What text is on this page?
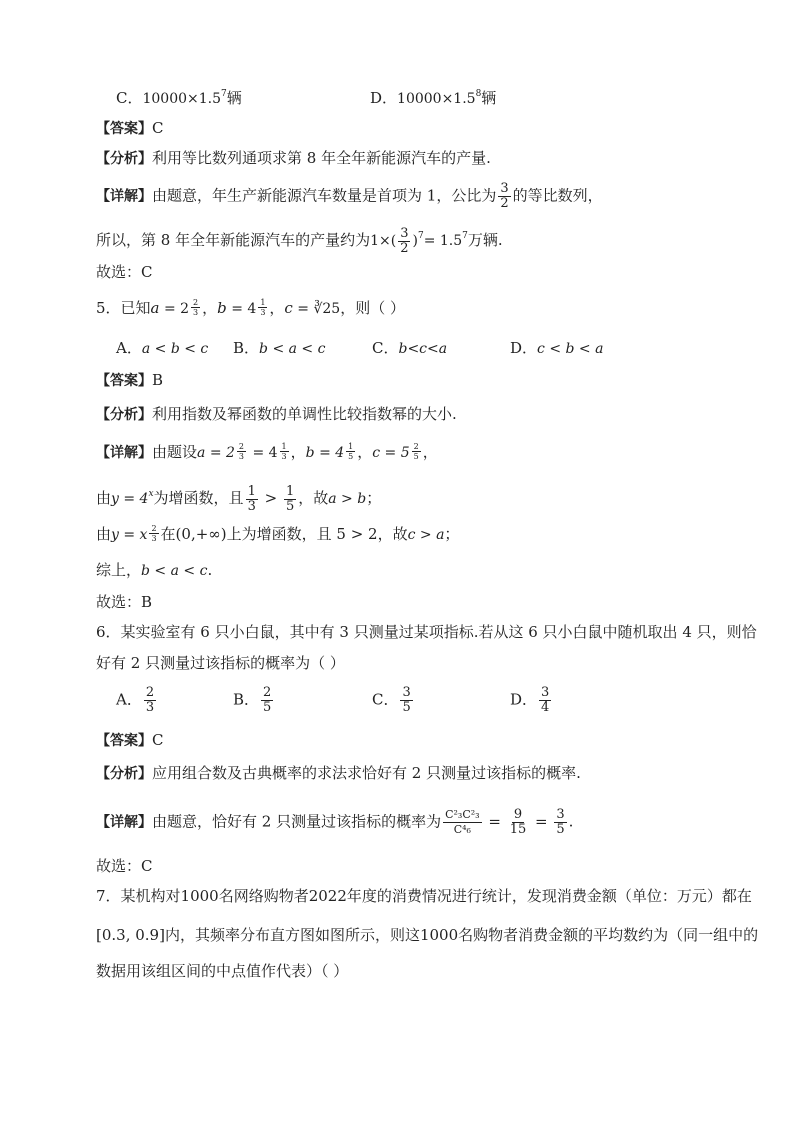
C．$10000\times 1.5^7$辆	D．$10000\times 1.5^8$辆
【答案】C
【分析】利用等比数列通项求第 8 年全年新能源汽车的产量.
【详解】由题意，年生产新能源汽车数量是首项为 1，公比为 $\frac{3}{2}$ 的等比数列，
所以，第 8 年全年新能源汽车的产量约为$1\times( \frac{3}{2} )^7= 1.5^7$万辆.
故选：C
5．已知$a = 2 \frac{2}{3}$ ，$b = 4 \frac{1}{3}$ ，c = ∛25，则（ ）
A．a < b < c B．b < a < c	C．b<c<a	D．c < b < a
【答案】B
【分析】利用指数及幂函数的单调性比较指数幂的大小.
【详解】由题设$a = 2 \frac{2}{3} = 4 \frac{1}{3}$ ，$b = 4 \frac{1}{5}$ ，$c = 5 \frac{2}{5}$ ，
由$y = 4^x$为增函数，且 $\frac{1}{3} > \frac{1}{5}$ ，故a > b；
由y = x $\frac{2}{3}$ 在(0,+∞)上为增函数，且 5 > 2，故c > a；
综上，b < a < c.
故选：B
6．某实验室有 6 只小白鼠，其中有 3 只测量过某项指标.若从这 6 只小白鼠中随机取出 4 只，则恰
好有 2 只测量过该指标的概率为（ ）
A． $\frac{2}{3}$	B． $\frac{2}{5}$	C． $\frac{3}{5}$	D． $\frac{3}{4}$
【答案】C
【分析】应用组合数及古典概率的求法求恰好有 2 只测量过该指标的概率.
【详解】由题意，恰好有 2 只测量过该指标的概率为 $\frac{\text{C²₃C²₃}}{\text{C⁴₆}} = \frac{9}{15} = \frac{3}{5}$ .
故选：C
7．某机构对1000名网络购物者2022年度的消费情况进行统计，发现消费金额（单位：万元）都在
[0.3, 0.9]内，其频率分布直方图如图所示，则这1000名购物者消费金额的平均数约为（同一组中的
数据用该组区间的中点值作代表）（ ）
